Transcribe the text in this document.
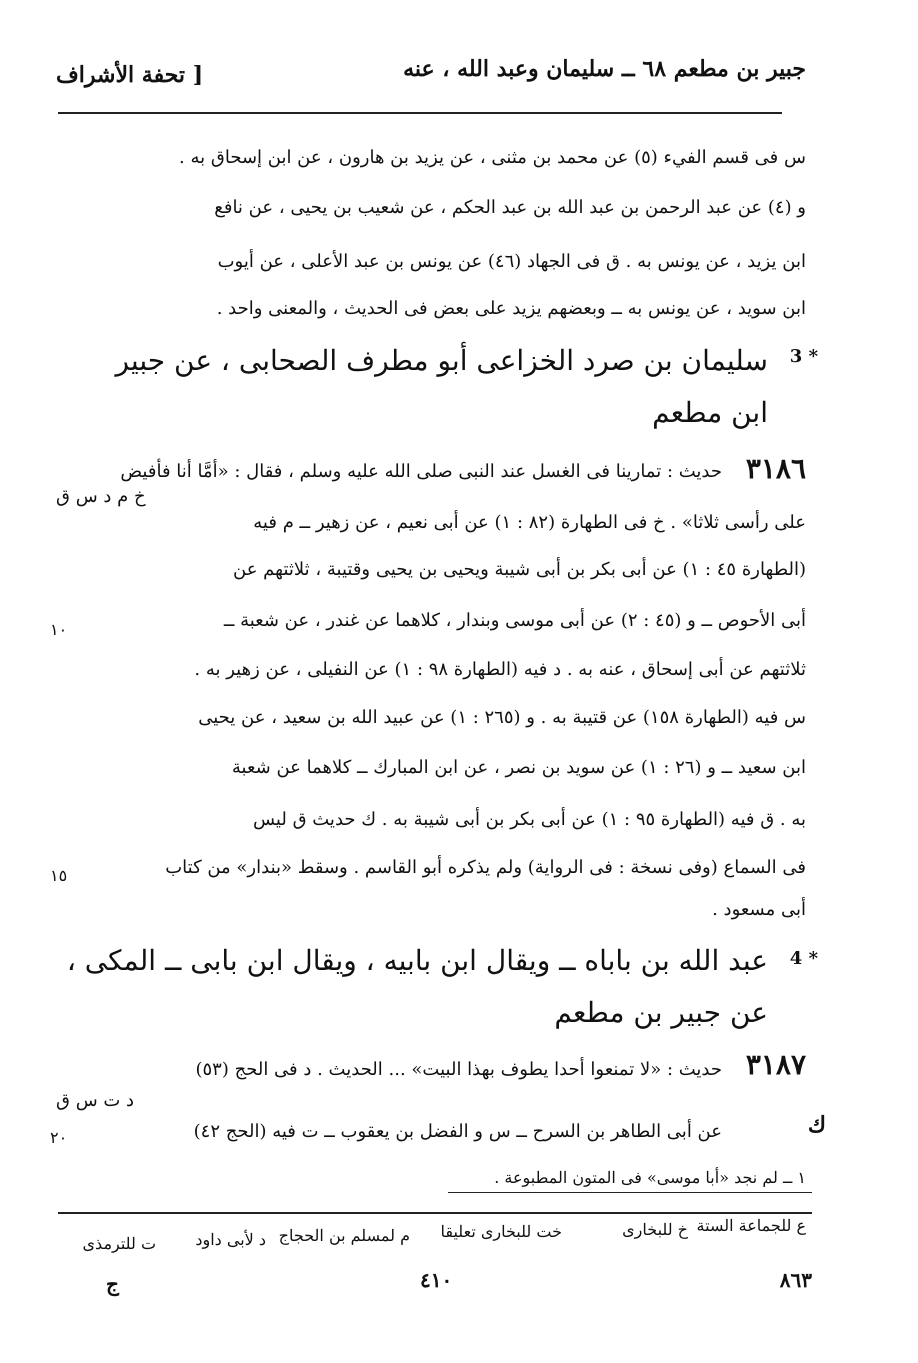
جبير بن مطعم ٦٨ ــ سليمان وعبد الله ، عنه
[ تحفة الأشراف
س فى قسم الفيء (٥) عن محمد بن مثنى ، عن يزيد بن هارون ، عن ابن إسحاق به .
و (٤) عن عبد الرحمن بن عبد الله بن عبد الحكم ، عن شعيب بن يحيى ، عن نافع
ابن يزيد ، عن يونس به . ق فى الجهاد (٤٦) عن يونس بن عبد الأعلى ، عن أيوب
ابن سويد ، عن يونس به ــ وبعضهم يزيد على بعض فى الحديث ، والمعنى واحد .
3 *
سليمان بن صرد الخزاعى أبو مطرف الصحابى ، عن جبير
ابن مطعم
٣١٨٦
حديث : تمارينا فى الغسل عند النبى صلى الله عليه وسلم ، فقال : «أمَّا أنا فأفيض
خ م د س ق
على رأسى ثلاثا» . خ فى الطهارة (٨٢ : ١) عن أبى نعيم ، عن زهير ــ م فيه
(الطهارة ٤٥ : ١) عن أبى بكر بن أبى شيبة ويحيى بن يحيى وقتيبة ، ثلاثتهم عن
أبى الأحوص ــ و (٤٥ : ٢) عن أبى موسى وبندار ، كلاهما عن غندر ، عن شعبة ــ
١٠
ثلاثتهم عن أبى إسحاق ، عنه به . د فيه (الطهارة ٩٨ : ١) عن النفيلى ، عن زهير به .
س فيه (الطهارة ١٥٨) عن قتيبة به . و (٢٦٥ : ١) عن عبيد الله بن سعيد ، عن يحيى
ابن سعيد ــ و (٢٦ : ١) عن سويد بن نصر ، عن ابن المبارك ــ كلاهما عن شعبة
به . ق فيه (الطهارة ٩٥ : ١) عن أبى بكر بن أبى شيبة به . ك حديث ق ليس
فى السماع (وفى نسخة : فى الرواية) ولم يذكره أبو القاسم . وسقط «بندار» من كتاب
١٥
أبى مسعود .
4 *
عبد الله بن باباه ــ ويقال ابن بابيه ، ويقال ابن بابى ــ المكى ،
عن جبير بن مطعم
٣١٨٧
حديث : «لا تمنعوا أحدا يطوف بهذا البيت» ... الحديث . د فى الحج (٥٣)
د ت س ق
ك
عن أبى الطاهر بن السرح ــ س و الفضل بن يعقوب ــ ت فيه (الحج ٤٢)
٢٠
١ ــ لم نجد «أبا موسى» فى المتون المطبوعة .
ع للجماعة الستة
خ للبخارى
خت للبخارى تعليقا
م لمسلم بن الحجاج
د لأبى داود
ت للترمذى
٨٦٣
٤١٠
ج
